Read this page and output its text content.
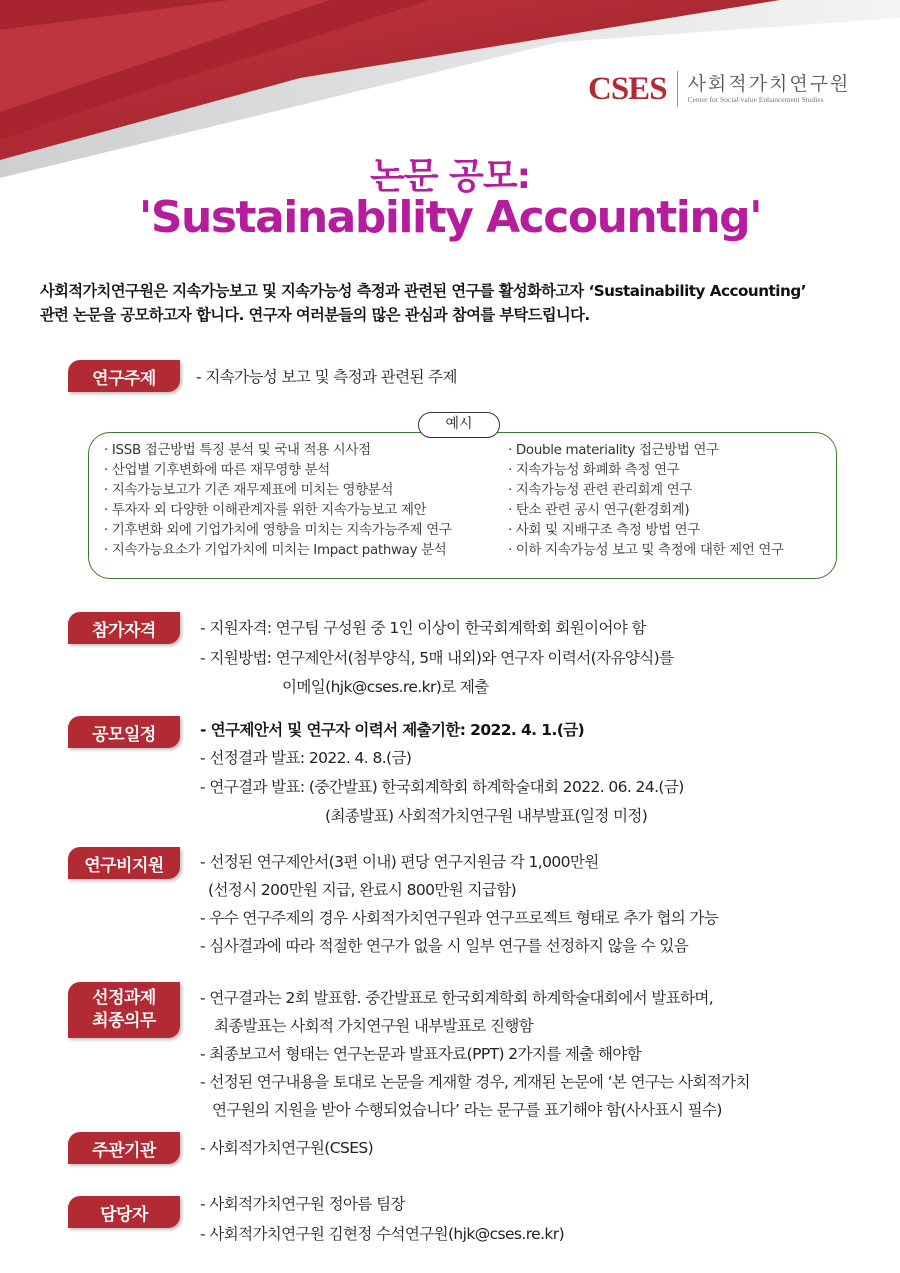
CSES 사회적가치연구원
Center for Social value Enhancement Studies
논문 공모:
'Sustainability Accounting'
사회적가치연구원은 지속가능보고 및 지속가능성 측정과 관련된 연구를 활성화하고자 ‘Sustainability Accounting’
관련 논문을 공모하고자 합니다. 연구자 여러분들의 많은 관심과 참여를 부탁드립니다.
연구주제	- 지속가능성 보고 및 측정과 관련된 주제
예시
· ISSB 접근방법 특징 분석 및 국내 적용 시사점
· 산업별 기후변화에 따른 재무영향 분석
· 지속가능보고가 기존 재무제표에 미치는 영향분석
· 투자자 외 다양한 이해관계자를 위한 지속가능보고 제안
· 기후변화 외에 기업가치에 영향을 미치는 지속가능주제 연구
· 지속가능요소가 기업가치에 미치는 Impact pathway 분석
· Double materiality 접근방법 연구
· 지속가능성 화폐화 측정 연구
· 지속가능성 관련 관리회계 연구
· 탄소 관련 공시 연구(환경회계)
· 사회 및 지배구조 측정 방법 연구
· 이하 지속가능성 보고 및 측정에 대한 제언 연구
참가자격	- 지원자격: 연구팀 구성원 중 1인 이상이 한국회계학회 회원이어야 함
- 지원방법: 연구제안서(첨부양식, 5매 내외)와 연구자 이력서(자유양식)를
이메일(hjk@cses.re.kr)로 제출
공모일정	- 연구제안서 및 연구자 이력서 제출기한: 2022. 4. 1.(금)
- 선정결과 발표: 2022. 4. 8.(금)
- 연구결과 발표: (중간발표) 한국회계학회 하계학술대회 2022. 06. 24.(금)
(최종발표) 사회적가치연구원 내부발표(일정 미정)
연구비지원	- 선정된 연구제안서(3편 이내) 편당 연구지원금 각 1,000만원
(선정시 200만원 지급, 완료시 800만원 지급함)
- 우수 연구주제의 경우 사회적가치연구원과 연구프로젝트 형태로 추가 협의 가능
- 심사결과에 따라 적절한 연구가 없을 시 일부 연구를 선정하지 않을 수 있음
선정과제
최종의무
- 연구결과는 2회 발표함. 중간발표로 한국회계학회 하계학술대회에서 발표하며,
최종발표는 사회적 가치연구원 내부발표로 진행함
- 최종보고서 형태는 연구논문과 발표자료(PPT) 2가지를 제출 해야함
- 선정된 연구내용을 토대로 논문을 게재할 경우, 게재된 논문에 ‘본 연구는 사회적가치
연구원의 지원을 받아 수행되었습니다’ 라는 문구를 표기해야 함(사사표시 필수)
주관기관	- 사회적가치연구원(CSES)
담당자
- 사회적가치연구원 정아름 팀장
- 사회적가치연구원 김현정 수석연구원(hjk@cses.re.kr)
